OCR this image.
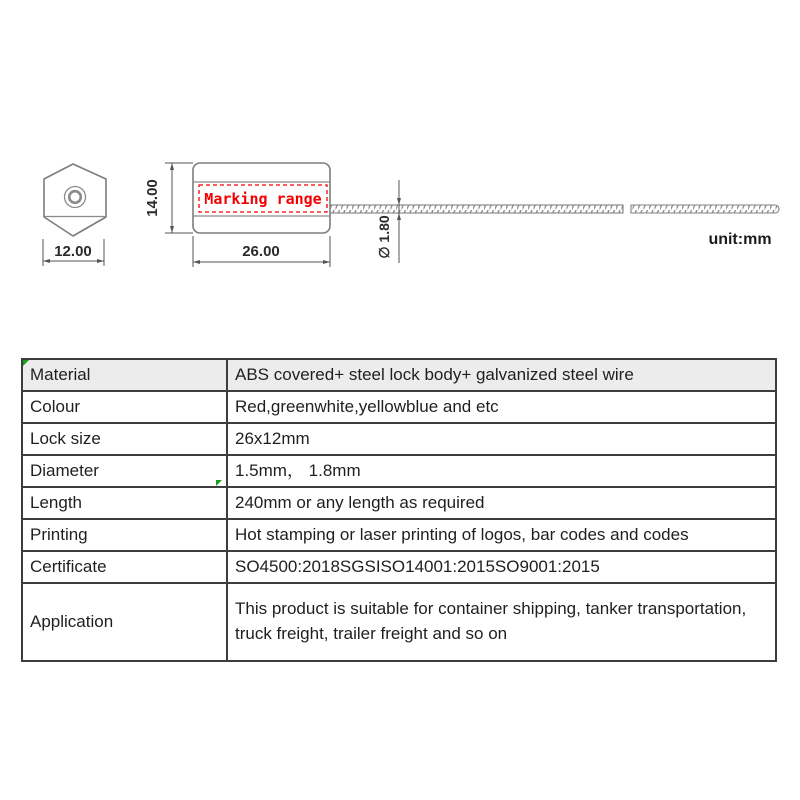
12.00
Marking range
14.00
26.00	∅ 1.80	unit:mm
Material	ABS covered+ steel lock body+ galvanized steel wire
Colour	Red,greenwhite,yellowblue and etc
Lock size	26x12mm
Diameter	1.5mm， 1.8mm
Length	240mm or any length as required
Printing	Hot stamping or laser printing of logos, bar codes and codes
Certificate	SO4500:2018SGSISO14001:2015SO9001:2015
Application	This product is suitable for container shipping, tanker transportation, truck freight, trailer freight and so on
